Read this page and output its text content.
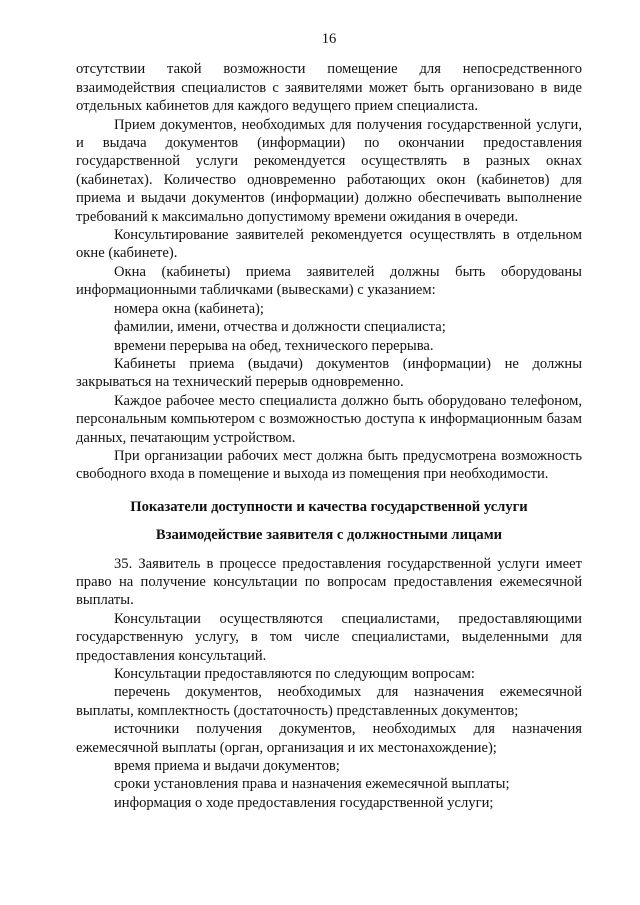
16

отсутствии такой возможности помещение для непосредственного взаимодействия специалистов с заявителями может быть организовано в виде отдельных кабинетов для каждого ведущего прием специалиста.

Прием документов, необходимых для получения государственной услуги, и выдача документов (информации) по окончании предоставления государственной услуги рекомендуется осуществлять в разных окнах (кабинетах). Количество одновременно работающих окон (кабинетов) для приема и выдачи документов (информации) должно обеспечивать выполнение требований к максимально допустимому времени ожидания в очереди.

Консультирование заявителей рекомендуется осуществлять в отдельном окне (кабинете).

Окна (кабинеты) приема заявителей должны быть оборудованы информационными табличками (вывесками) с указанием:

номера окна (кабинета);

фамилии, имени, отчества и должности специалиста;

времени перерыва на обед, технического перерыва.

Кабинеты приема (выдачи) документов (информации) не должны закрываться на технический перерыв одновременно.

Каждое рабочее место специалиста должно быть оборудовано телефоном, персональным компьютером с возможностью доступа к информационным базам данных, печатающим устройством.

При организации рабочих мест должна быть предусмотрена возможность свободного входа в помещение и выхода из помещения при необходимости.

Показатели доступности и качества государственной услуги
Взаимодействие заявителя с должностными лицами

35. Заявитель в процессе предоставления государственной услуги имеет право на получение консультации по вопросам предоставления ежемесячной выплаты.

Консультации осуществляются специалистами, предоставляющими государственную услугу, в том числе специалистами, выделенными для предоставления консультаций.

Консультации предоставляются по следующим вопросам:

перечень документов, необходимых для назначения ежемесячной выплаты, комплектность (достаточность) представленных документов;

источники получения документов, необходимых для назначения ежемесячной выплаты (орган, организация и их местонахождение);

время приема и выдачи документов;

сроки установления права и назначения ежемесячной выплаты;

информация о ходе предоставления государственной услуги;
